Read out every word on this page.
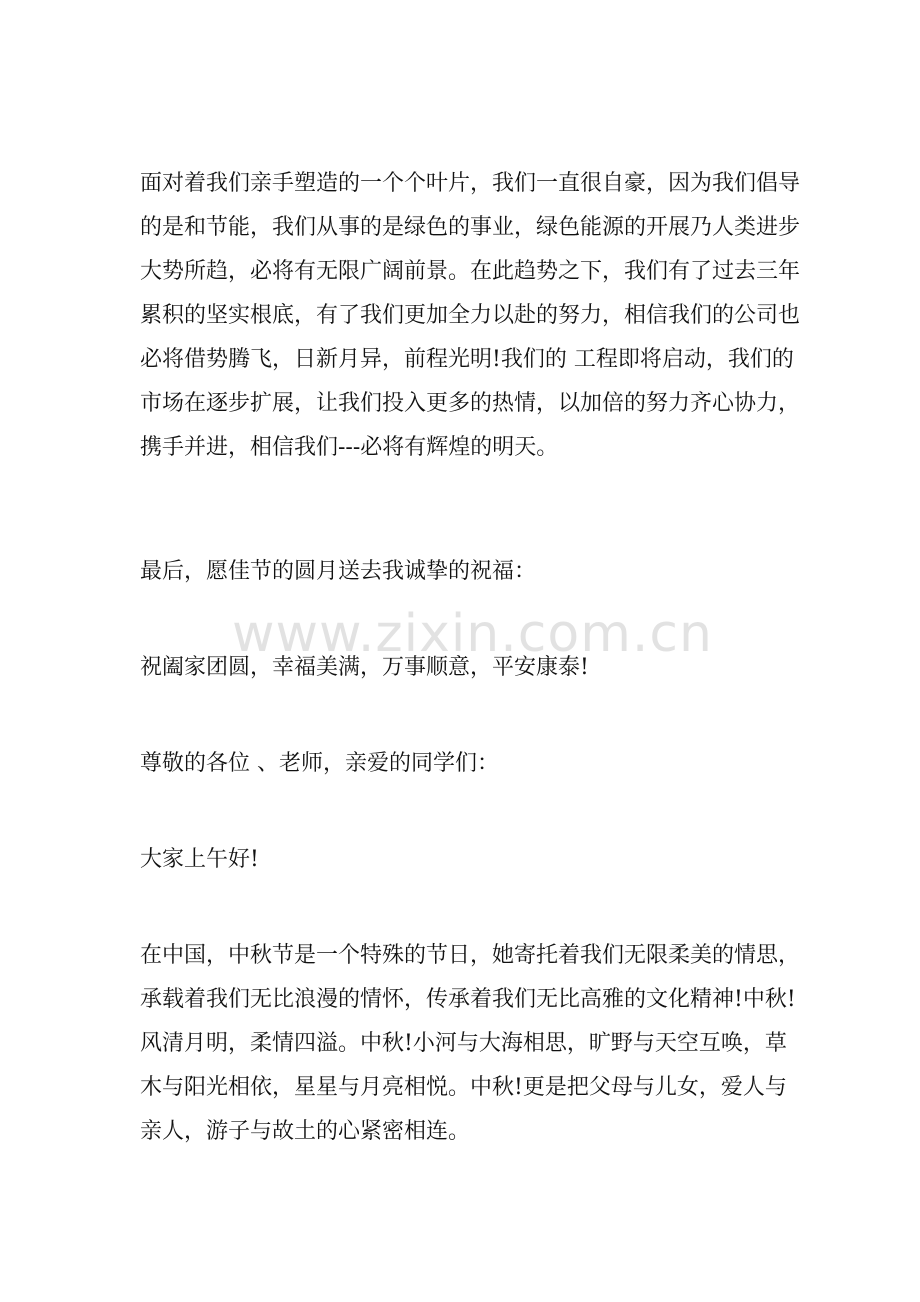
面对着我们亲手塑造的一个个叶片，我们一直很自豪，因为我们倡导
的是和节能，我们从事的是绿色的事业，绿色能源的开展乃人类进步
大势所趋，必将有无限广阔前景。在此趋势之下，我们有了过去三年
累积的坚实根底，有了我们更加全力以赴的努力，相信我们的公司也
必将借势腾飞，日新月异，前程光明!我们的 工程即将启动，我们的
市场在逐步扩展，让我们投入更多的热情，以加倍的努力齐心协力，
携手并进，相信我们---必将有辉煌的明天。
最后，愿佳节的圆月送去我诚挚的祝福：
祝阖家团圆，幸福美满，万事顺意，平安康泰!
尊敬的各位 、老师，亲爱的同学们：
大家上午好!
在中国，中秋节是一个特殊的节日，她寄托着我们无限柔美的情思，
承载着我们无比浪漫的情怀，传承着我们无比高雅的文化精神!中秋!
风清月明，柔情四溢。中秋!小河与大海相思，旷野与天空互唤，草
木与阳光相依，星星与月亮相悦。中秋!更是把父母与儿女，爱人与
亲人，游子与故土的心紧密相连。
www.zixin.com.cn
